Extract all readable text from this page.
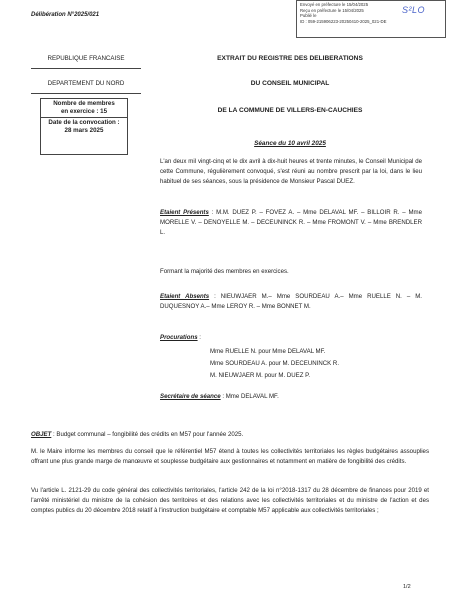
Délibération N°2025/021
Envoyé en préfecture le 15/04/2025
Reçu en préfecture le 15/04/2025
Publié le
ID : 059-215906223-20250410-2025_021-DE
S²LO
REPUBLIQUE FRANCAISE
DEPARTEMENT DU NORD
EXTRAIT DU REGISTRE DES DELIBERATIONS
DU CONSEIL MUNICIPAL
DE LA COMMUNE DE VILLERS-EN-CAUCHIES
Nombre de membres
en exercice : 15
Date de la convocation :
28 mars 2025
Séance du 10 avril 2025
L'an deux mil vingt-cinq et le dix avril à dix-huit heures et trente minutes, le Conseil Municipal de cette Commune, régulièrement convoqué, s'est réuni au nombre prescrit par la loi, dans le lieu habituel de ses séances, sous la présidence de Monsieur Pascal DUEZ.
Etaient Présents : M.M. DUEZ P. – FOVEZ A. – Mme DELAVAL MF. – BILLOIR R. – Mme MORELLE V. – DENOYELLE M. – DECEUNINCK R. – Mme FROMONT V. – Mme BRENDLER L.
Formant la majorité des membres en exercices.
Etaient Absents : NIEUWJAER M.– Mme SOURDEAU A.– Mme RUELLE N. – M. DUQUESNOY A.– Mme LEROY R. – Mme BONNET M.
Procurations :
Mme RUELLE N. pour Mme DELAVAL MF.
Mme SOURDEAU A. pour M. DECEUNINCK R.
M. NIEUWJAER M. pour M. DUEZ P.
Secrétaire de séance : Mme DELAVAL MF.
OBJET : Budget communal – fongibilité des crédits en M57 pour l'année 2025.
M. le Maire informe les membres du conseil que le référentiel M57 étend à toutes les collectivités territoriales les règles budgétaires assouplies offrant une plus grande marge de manœuvre et souplesse budgétaire aux gestionnaires et notamment en matière de fongibilité des crédits.
Vu l'article L. 2121-29 du code général des collectivités territoriales, l'article 242 de la loi n°2018-1317 du 28 décembre de finances pour 2019 et l'arrêté ministériel du ministre de la cohésion des territoires et des relations avec les collectivités territoriales et du ministre de l'action et des comptes publics du 20 décembre 2018 relatif à l'instruction budgétaire et comptable M57 applicable aux collectivités territoriales ;
1/2
